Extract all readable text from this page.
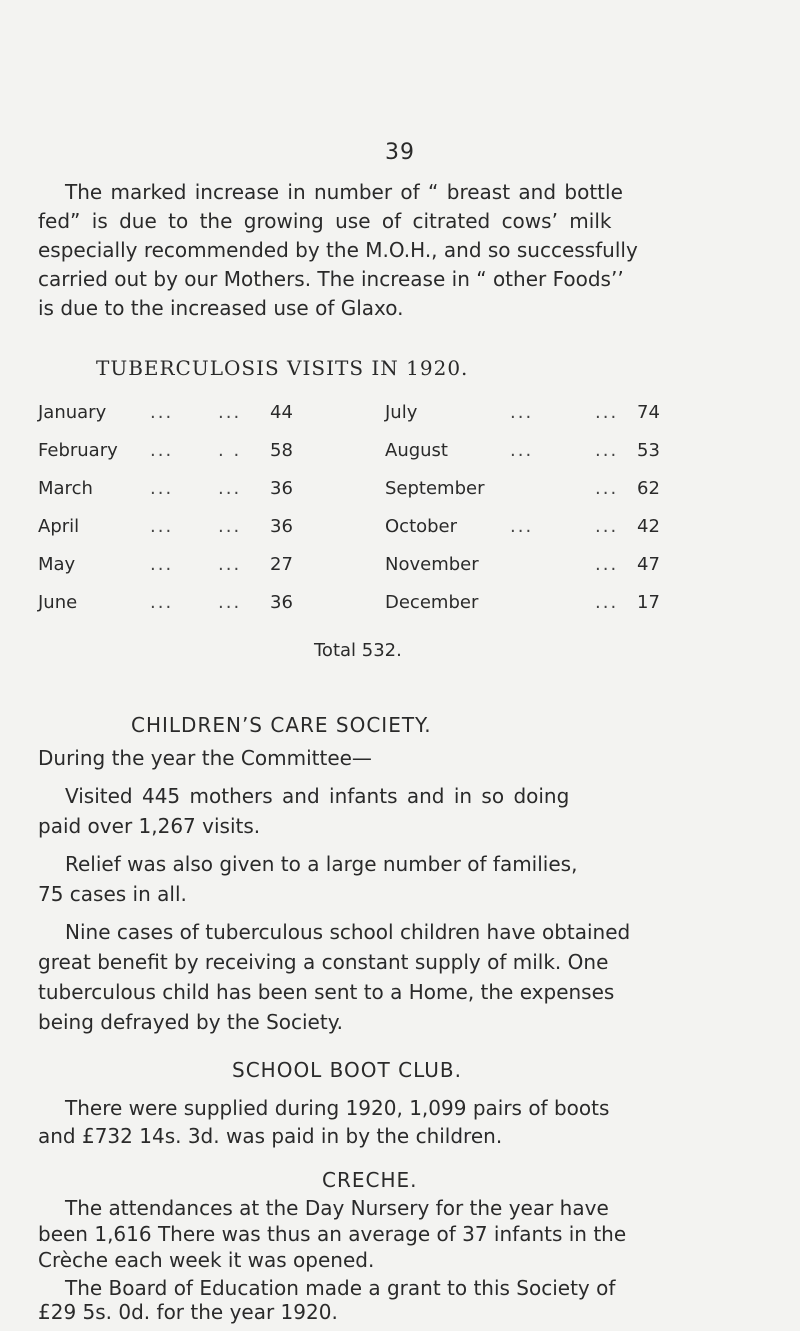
39
The marked increase in number of “ breast and bottle
fed” is due to the growing use of citrated cows’ milk
especially recommended by the M.O.H., and so successfully
carried out by our Mothers. The increase in “ other Foods’’
is due to the increased use of Glaxo.
TUBERCULOSIS VISITS IN 1920.
January ... ... 44	July	...	... 74
February ... . . 58	August	...	... 53
March	... ... 36	September	... 62
April	... ... 36	October	...	... 42
May	... ... 27	November	... 47
June	... ... 36	December	... 17
Total 532.
CHILDREN’S CARE SOCIETY.
During the year the Committee—
Visited 445 mothers and infants and in so doing
paid over 1,267 visits.
Relief was also given to a large number of families,
75 cases in all.
Nine cases of tuberculous school children have obtained
great benefit by receiving a constant supply of milk. One
tuberculous child has been sent to a Home, the expenses
being defrayed by the Society.
SCHOOL BOOT CLUB.
There were supplied during 1920, 1,099 pairs of boots
and £732 14s. 3d. was paid in by the children.
CRECHE.
The attendances at the Day Nursery for the year have
been 1,616 There was thus an average of 37 infants in the
Crèche each week it was opened.
The Board of Education made a grant to this Society of
£29 5s. 0d. for the year 1920.
